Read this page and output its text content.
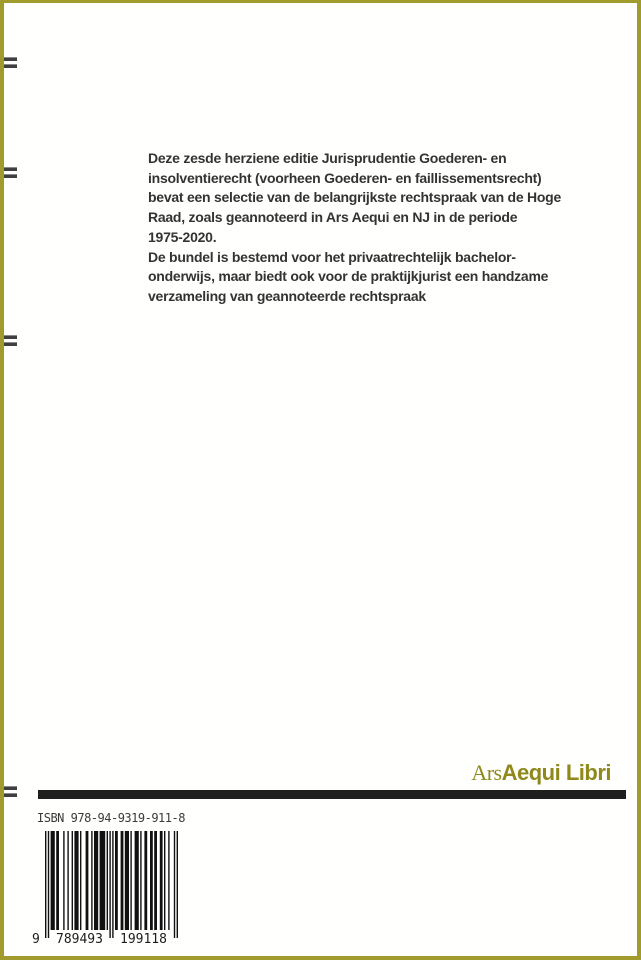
Deze zesde herziene editie Jurisprudentie Goederen- en
insolventierecht (voorheen Goederen- en faillissementsrecht)
bevat een selectie van de belangrijkste rechtspraak van de Hoge
Raad, zoals geannoteerd in Ars Aequi en NJ in de periode
1975-2020.
De bundel is bestemd voor het privaatrechtelijk bachelor-
onderwijs, maar biedt ook voor de praktijkjurist een handzame
verzameling van geannoteerde rechtspraak
ArsAequi Libri
ISBN 978-94-9319-911-8
9 789493 199118
